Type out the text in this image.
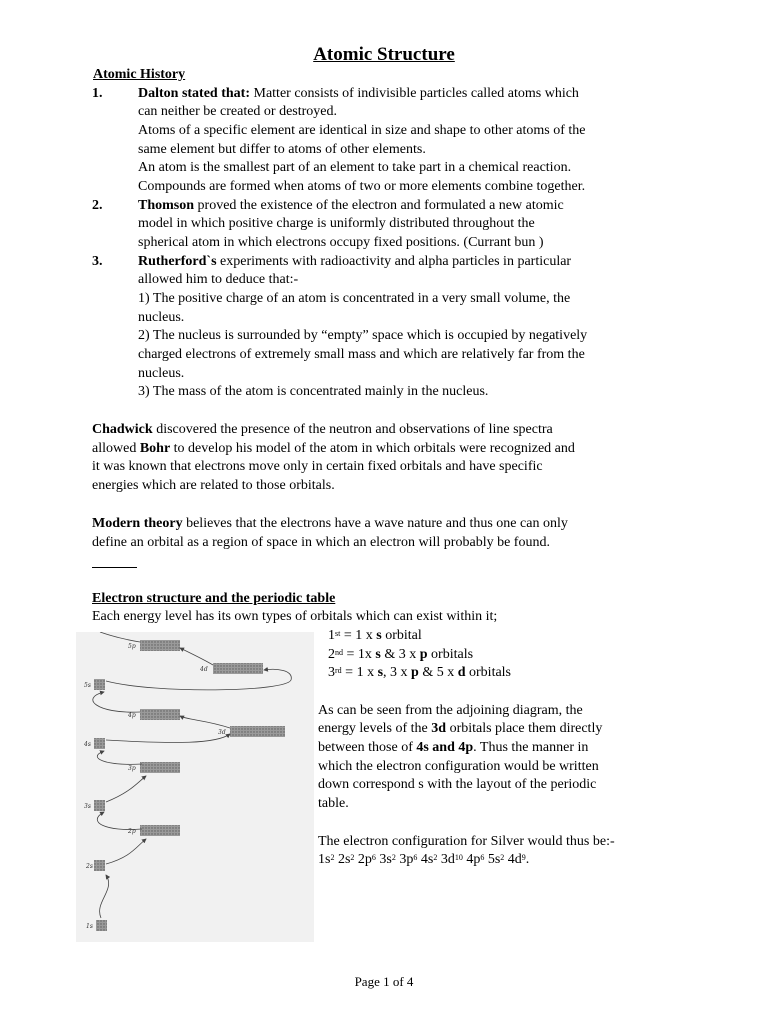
Atomic Structure
Atomic History
1.	Dalton stated that: Matter consists of indivisible particles called atoms which
can neither be created or destroyed.
Atoms of a specific element are identical in size and shape to other atoms of the
same element but differ to atoms of other elements.
An atom is the smallest part of an element to take part in a chemical reaction.
Compounds are formed when atoms of two or more elements combine together.
2.	Thomson proved the existence of the electron and formulated a new atomic
model in which positive charge is uniformly distributed throughout the
spherical atom in which electrons occupy fixed positions. (Currant bun )
3.	Rutherford`s experiments with radioactivity and alpha particles in particular
allowed him to deduce that:-
1) The positive charge of an atom is concentrated in a very small volume, the
nucleus.
2) The nucleus is surrounded by “empty” space which is occupied by negatively
charged electrons of extremely small mass and which are relatively far from the
nucleus.
3) The mass of the atom is concentrated mainly in the nucleus.
Chadwick discovered the presence of the neutron and observations of line spectra
allowed Bohr to develop his model of the atom in which orbitals were recognized and
it was known that electrons move only in certain fixed orbitals and have specific
energies which are related to those orbitals.
Modern theory believes that the electrons have a wave nature and thus one can only
define an orbital as a region of space in which an electron will probably be found.
Electron structure and the periodic table
Each energy level has its own types of orbitals which can exist within it;
1st = 1 x s orbital
2nd = 1x s & 3 x p orbitals
3rd = 1 x s, 3 x p & 5 x d orbitals
As can be seen from the adjoining diagram, the
energy levels of the 3d orbitals place them directly
between those of 4s and 4p. Thus the manner in
which the electron configuration would be written
down correspond s with the layout of the periodic
table.
The electron configuration for Silver would thus be:-
$1s^2$ $2s^2$ $2p^6$ $3s^2$ $3p^6$ $4s^2$ $3d^{10}$ $4p^6$ $5s^2$ $4d^9$.
5p
4d
5s
4p
3d
4s
3p
3s
2p
2s
1s
Page 1 of 4
